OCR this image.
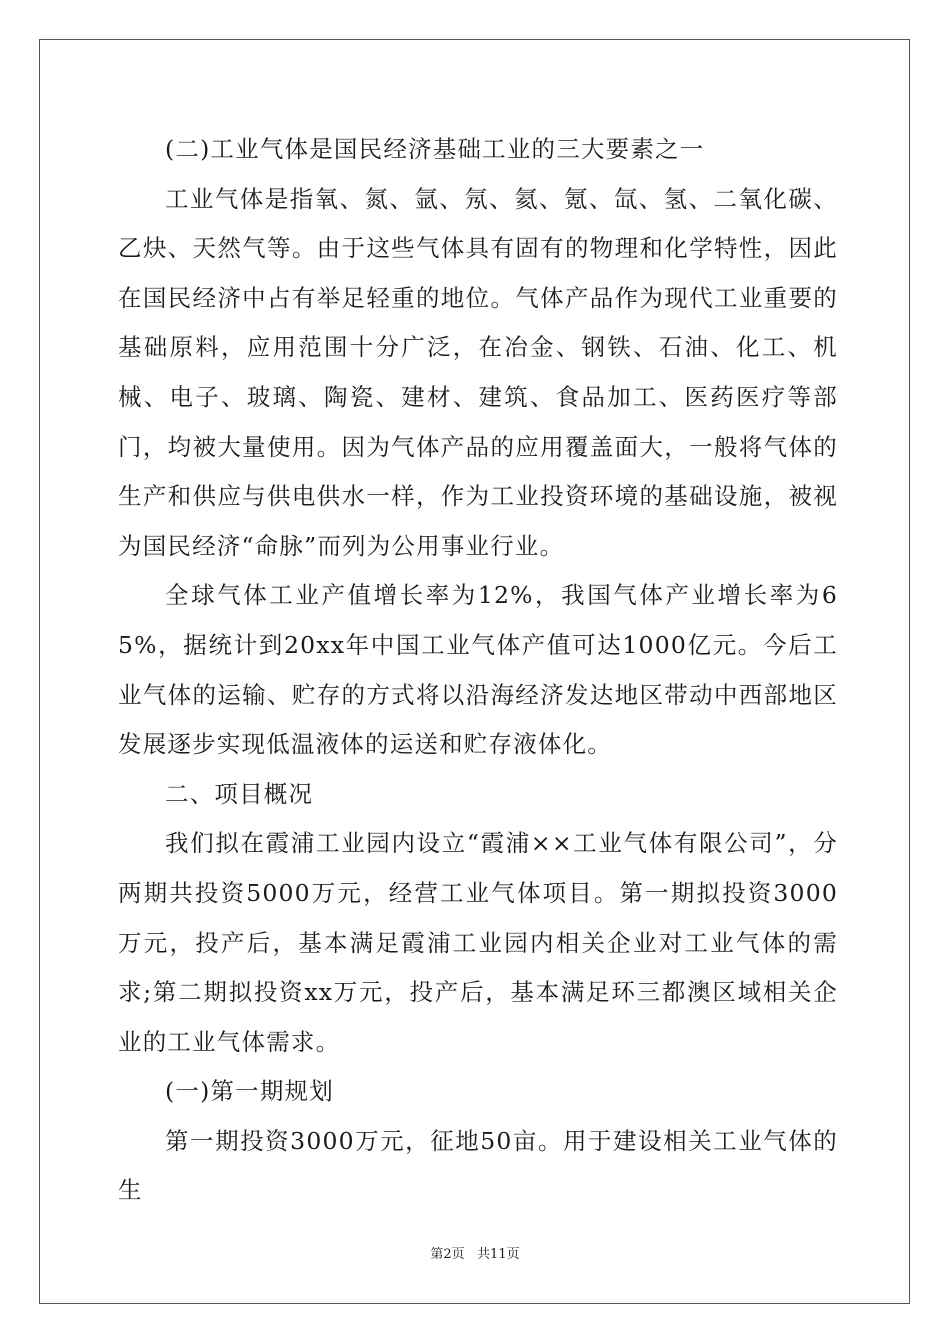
(二)工业气体是国民经济基础工业的三大要素之一

工业气体是指氧、氮、氩、氖、氦、氪、氙、氢、二氧化碳、乙炔、天然气等。由于这些气体具有固有的物理和化学特性，因此在国民经济中占有举足轻重的地位。气体产品作为现代工业重要的基础原料，应用范围十分广泛，在冶金、钢铁、石油、化工、机械、电子、玻璃、陶瓷、建材、建筑、食品加工、医药医疗等部门，均被大量使用。因为气体产品的应用覆盖面大，一般将气体的生产和供应与供电供水一样，作为工业投资环境的基础设施，被视为国民经济“命脉”而列为公用事业行业。

全球气体工业产值增长率为12%，我国气体产业增长率为65%，据统计到20xx年中国工业气体产值可达1000亿元。今后工业气体的运输、贮存的方式将以沿海经济发达地区带动中西部地区发展逐步实现低温液体的运送和贮存液体化。

二、项目概况

我们拟在霞浦工业园内设立“霞浦××工业气体有限公司”，分两期共投资5000万元，经营工业气体项目。第一期拟投资3000万元，投产后，基本满足霞浦工业园内相关企业对工业气体的需求;第二期拟投资xx万元，投产后，基本满足环三都澳区域相关企业的工业气体需求。

(一)第一期规划

第一期投资3000万元，征地50亩。用于建设相关工业气体的生

第2页   共11页
